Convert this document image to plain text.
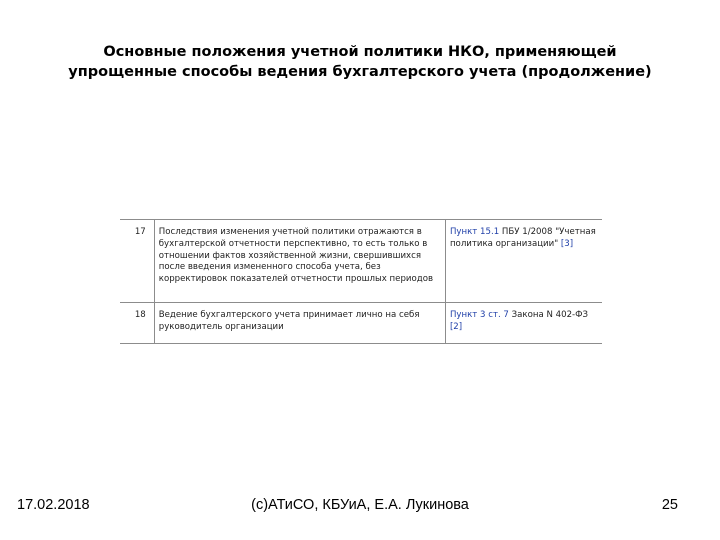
Основные положения учетной политики НКО, применяющей
упрощенные способы ведения бухгалтерского учета (продолжение)
17	Последствия изменения учетной политики отражаются в бухгалтерской отчетности перспективно, то есть только в отношении фактов хозяйственной жизни, свершившихся после введения измененного способа учета, без корректировок показателей отчетности прошлых периодов	Пункт 15.1 ПБУ 1/2008 "Учетная политика организации" [3]
18	Ведение бухгалтерского учета принимает лично на себя руководитель организации	Пункт 3 ст. 7 Закона N 402-ФЗ [2]
17.02.2018	(с)АТиСО, КБУиА, Е.А. Лукинова	25
